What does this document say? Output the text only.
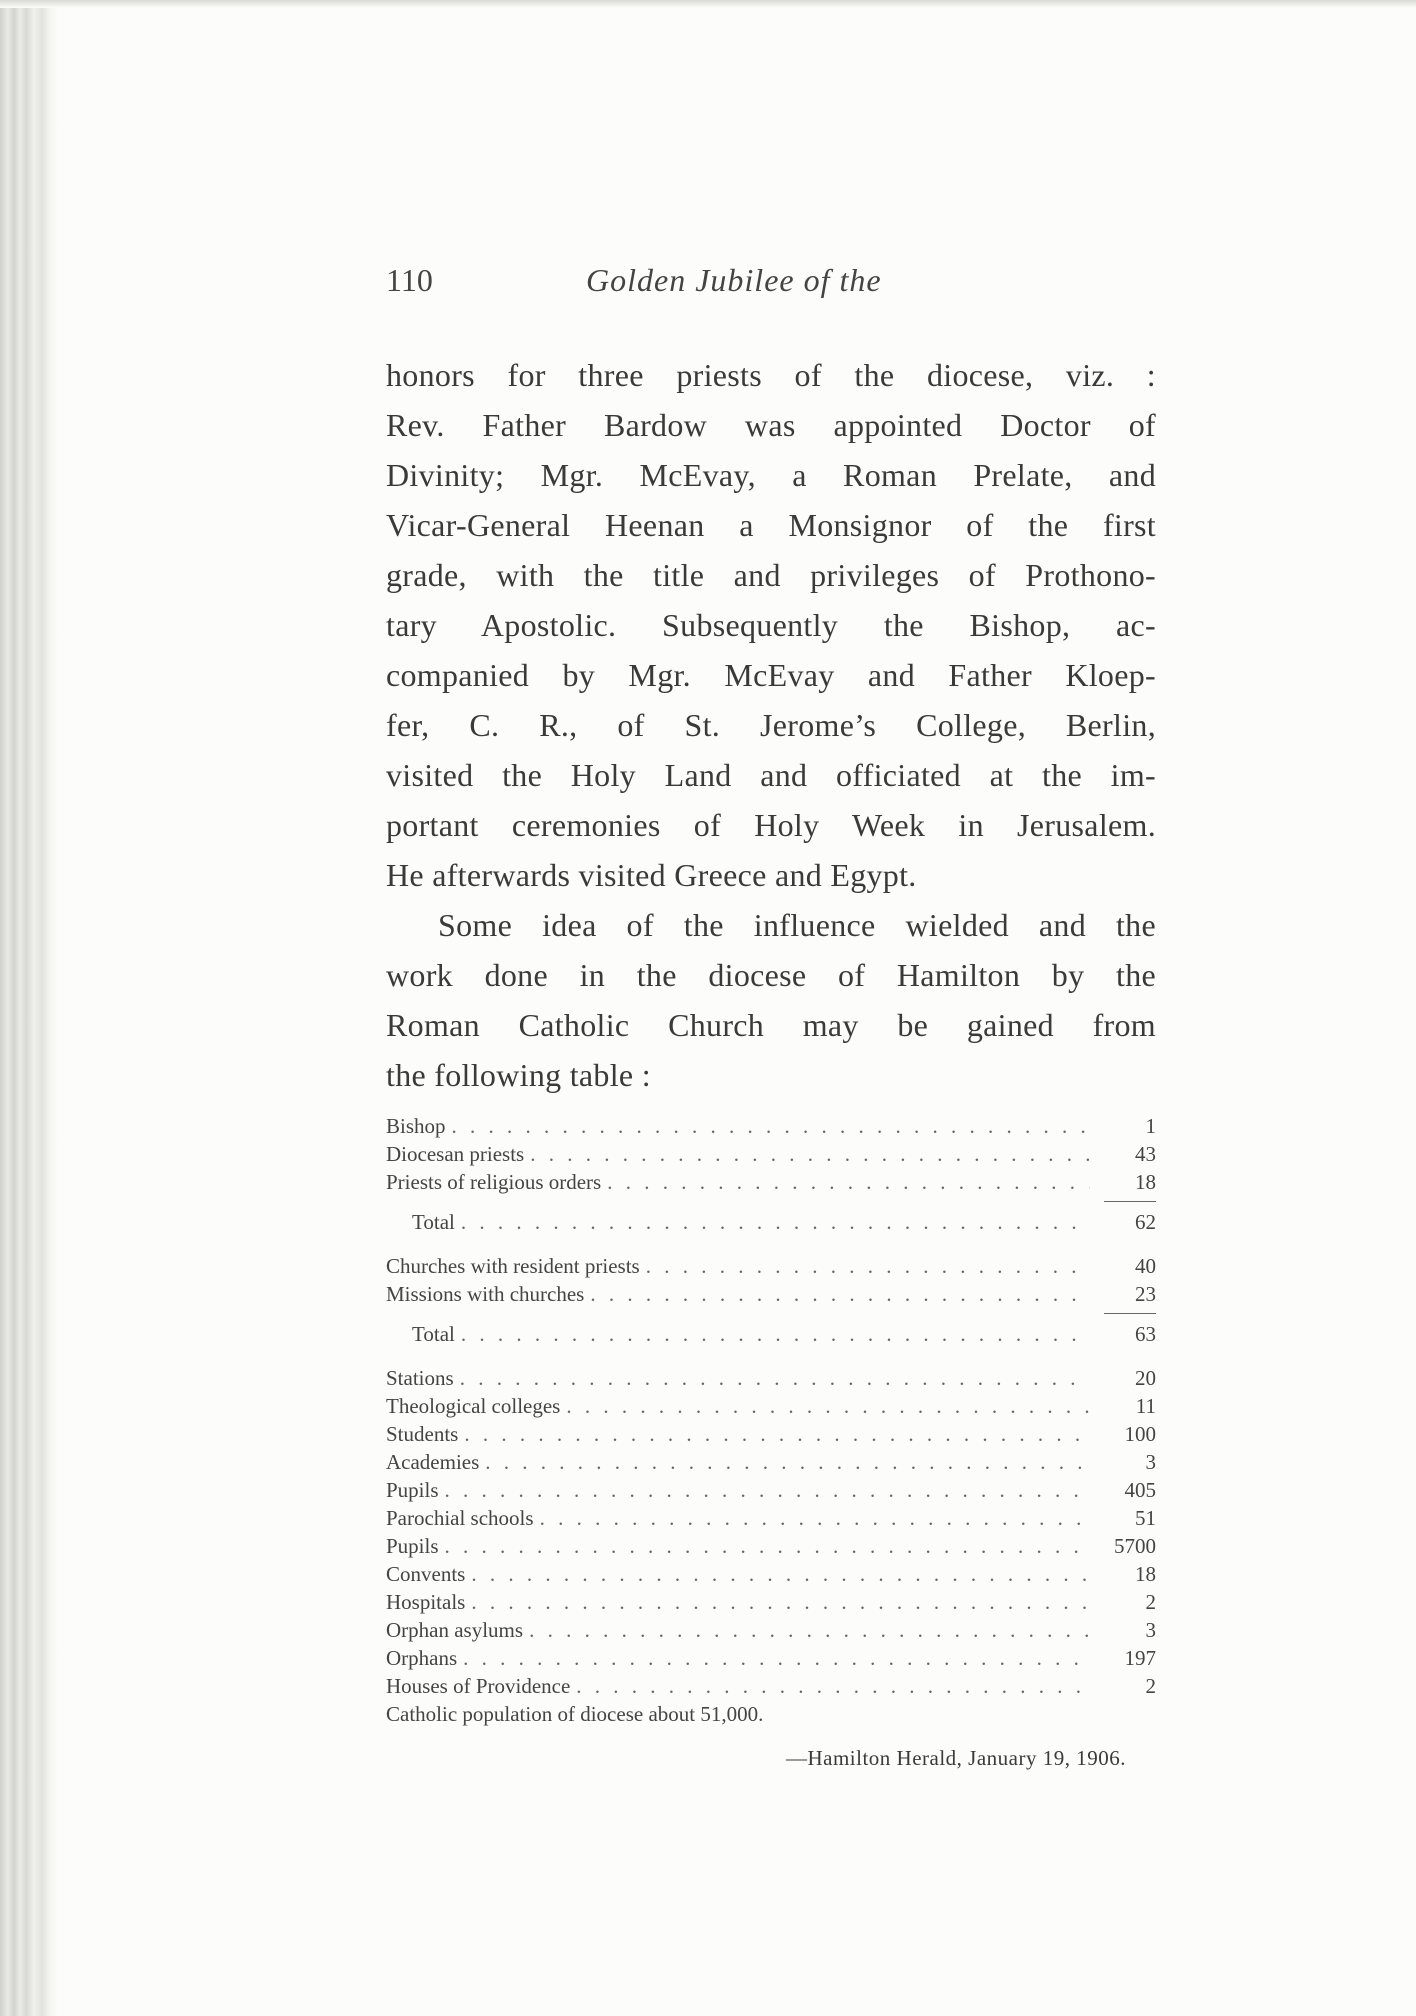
110	Golden Jubilee of the

honors for three priests of the diocese, viz. :
Rev. Father Bardow was appointed Doctor of
Divinity; Mgr. McEvay, a Roman Prelate, and
Vicar-General Heenan a Monsignor of the first
grade, with the title and privileges of Prothono-
tary Apostolic. Subsequently the Bishop, ac-
companied by Mgr. McEvay and Father Kloep-
fer, C. R., of St. Jerome’s College, Berlin,
visited the Holy Land and officiated at the im-
portant ceremonies of Holy Week in Jerusalem.
He afterwards visited Greece and Egypt.

Some idea of the influence wielded and the
work done in the diocese of Hamilton by the
Roman Catholic Church may be gained from
the following table :

Bishop . . .	1
Diocesan priests . . .	43
Priests of religious orders . . .	18
Total . . .	62
Churches with resident priests . . .	40
Missions with churches . . .	23
Total . . .	63
Stations . . .	20
Theological colleges . . .	11
Students . . .	100
Academies . . .	3
Pupils . . .	405
Parochial schools . . .	51
Pupils . . .	5700
Convents . . .	18
Hospitals . . .	2
Orphan asylums . . .	3
Orphans . . .	197
Houses of Providence . . .	2
Catholic population of diocese about 51,000.
—Hamilton Herald, January 19, 1906.
